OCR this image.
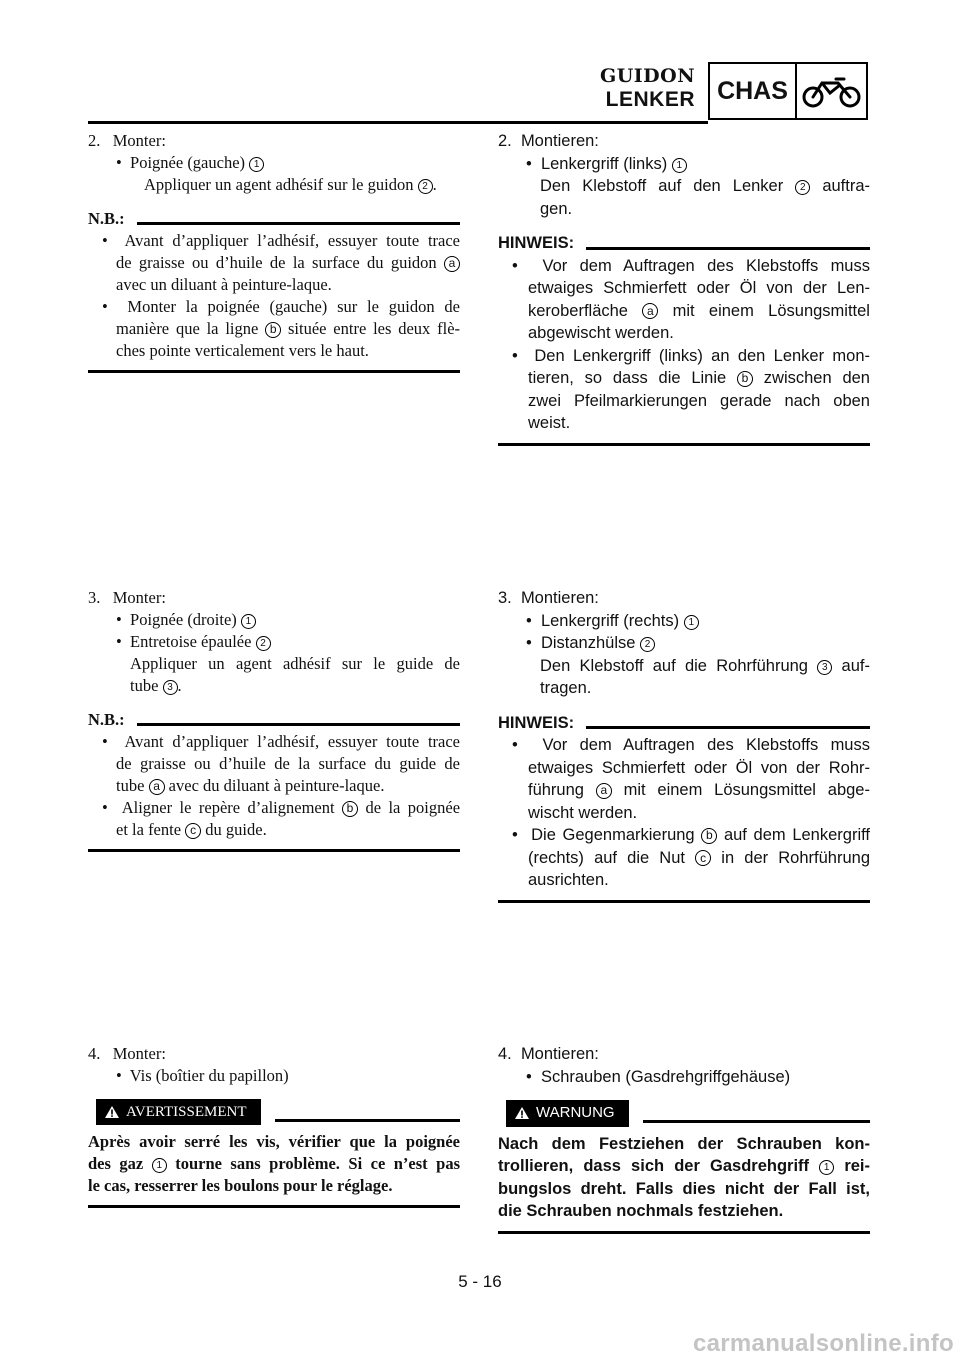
GUIDON
LENKER CHAS
2. Monter:
•  Poignée (gauche) 1
Appliquer un agent adhésif sur le guidon 2 .
N.B.:
•  Avant d’appliquer l’adhésif, essuyer toute trace
de graisse ou d’huile de la surface du guidon a
avec un diluant à peinture-laque.
•  Monter la poignée (gauche) sur le guidon de
manière que la ligne b située entre les deux flè-
ches pointe verticalement vers le haut.
2. Montieren:
•  Lenkergriff (links) 1
Den Klebstoff auf den Lenker 2 auftra-
gen.
HINWEIS:
•  Vor dem Auftragen des Klebstoffs muss
etwaiges Schmierfett oder Öl von der Len-
keroberfläche a mit einem Lösungsmittel
abgewischt werden.
•  Den Lenkergriff (links) an den Lenker mon-
tieren, so dass die Linie b zwischen den
zwei Pfeilmarkierungen gerade nach oben
weist.
3. Monter:
•  Poignée (droite) 1
•  Entretoise épaulée 2
Appliquer un agent adhésif sur le guide de
tube 3 .
N.B.:
•  Avant d’appliquer l’adhésif, essuyer toute trace
de graisse ou d’huile de la surface du guide de
tube a avec du diluant à peinture-laque.
•  Aligner le repère d’alignement b de la poignée
et la fente c du guide.
3. Montieren:
•  Lenkergriff (rechts) 1
•  Distanzhülse 2
Den Klebstoff auf die Rohrführung 3 auf-
tragen.
HINWEIS:
•  Vor dem Auftragen des Klebstoffs muss
etwaiges Schmierfett oder Öl von der Rohr-
führung a mit einem Lösungsmittel abge-
wischt werden.
•  Die Gegenmarkierung b auf dem Lenkergriff
(rechts) auf die Nut c in der Rohrführung
ausrichten.
4. Monter:
•  Vis (boîtier du papillon)
AVERTISSEMENT
Après avoir serré les vis, vérifier que la poignée
des gaz 1 tourne sans problème. Si ce n’est pas
le cas, resserrer les boulons pour le réglage.
4. Montieren:
•  Schrauben (Gasdrehgriffgehäuse)
WARNUNG
Nach dem Festziehen der Schrauben kon-
trollieren, dass sich der Gasdrehgriff 1 rei-
bungslos dreht. Falls dies nicht der Fall ist,
die Schrauben nochmals festziehen.
5 - 16
carmanualsonline.info
